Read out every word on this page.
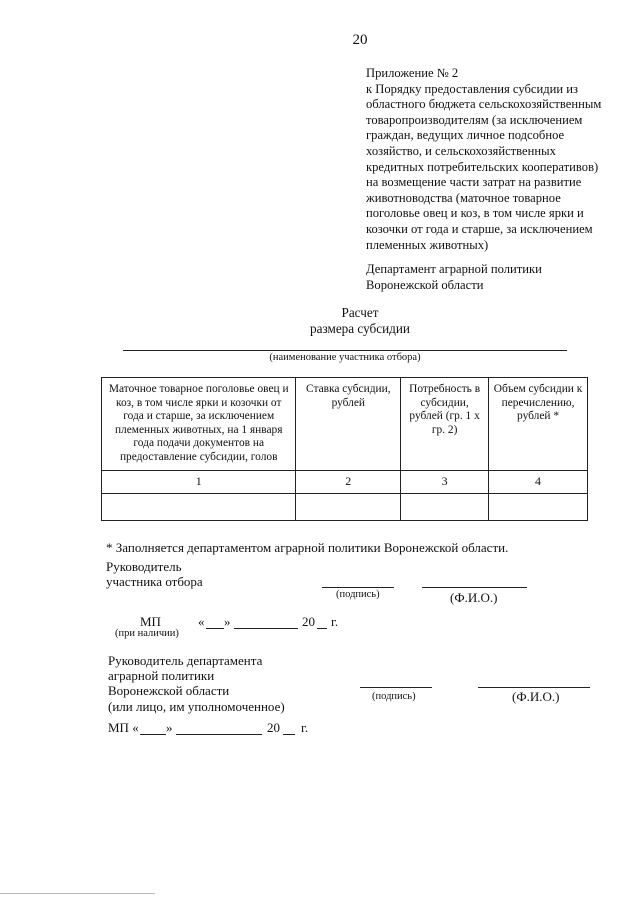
20
Приложение № 2
к Порядку предоставления субсидии из
областного бюджета сельскохозяйственным
товаропроизводителям (за исключением
граждан, ведущих личное подсобное
хозяйство, и сельскохозяйственных
кредитных потребительских кооперативов)
на возмещение части затрат на развитие
животноводства (маточное товарное
поголовье овец и коз, в том числе ярки и
козочки от года и старше, за исключением
племенных животных)
Департамент аграрной политики
Воронежской области
Расчет
размера субсидии
(наименование участника отбора)
Маточное товарное поголовье овец и коз, в том числе ярки и козочки от года и старше, за исключением племенных животных, на 1 января года подачи документов на предоставление субсидии, голов	Ставка субсидии, рублей	Потребность в субсидии, рублей (гр. 1 х гр. 2)	Объем субсидии к перечислению, рублей *
1	2	3	4

* Заполняется департаментом аграрной политики Воронежской области.
Руководитель
участника отбора
(подпись)	(Ф.И.О.)
МП
(при наличии)
« »	20 г.
Руководитель департамента
аграрной политики
Воронежской области
(или лицо, им уполномоченное)
(подпись)	(Ф.И.О.)
МП « »	20 г.
